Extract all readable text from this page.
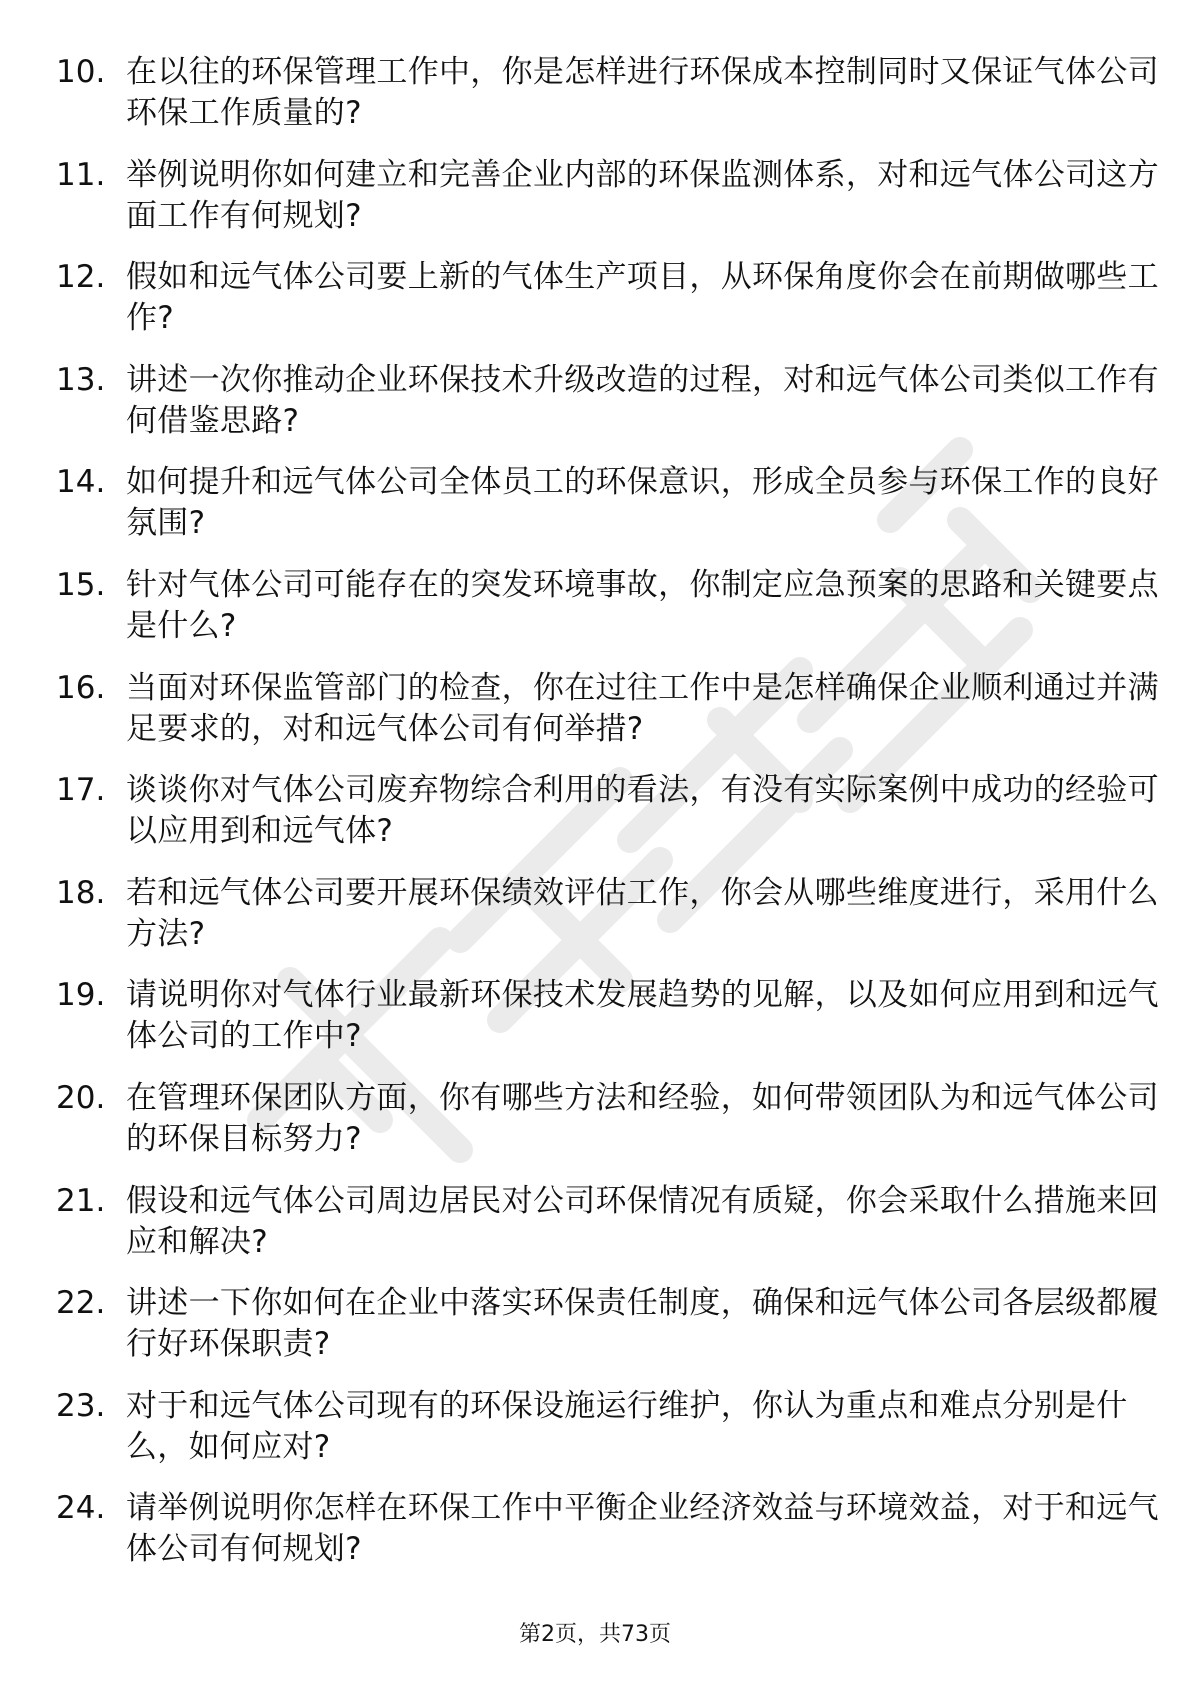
10. 在以往的环保管理工作中，你是怎样进行环保成本控制同时又保证气体公司环保工作质量的?
11. 举例说明你如何建立和完善企业内部的环保监测体系，对和远气体公司这方面工作有何规划?
12. 假如和远气体公司要上新的气体生产项目，从环保角度你会在前期做哪些工作?
13. 讲述一次你推动企业环保技术升级改造的过程，对和远气体公司类似工作有何借鉴思路?
14. 如何提升和远气体公司全体员工的环保意识，形成全员参与环保工作的良好氛围?
15. 针对气体公司可能存在的突发环境事故，你制定应急预案的思路和关键要点是什么?
16. 当面对环保监管部门的检查，你在过往工作中是怎样确保企业顺利通过并满足要求的，对和远气体公司有何举措?
17. 谈谈你对气体公司废弃物综合利用的看法，有没有实际案例中成功的经验可以应用到和远气体?
18. 若和远气体公司要开展环保绩效评估工作，你会从哪些维度进行，采用什么方法?
19. 请说明你对气体行业最新环保技术发展趋势的见解，以及如何应用到和远气体公司的工作中?
20. 在管理环保团队方面，你有哪些方法和经验，如何带领团队为和远气体公司的环保目标努力?
21. 假设和远气体公司周边居民对公司环保情况有质疑，你会采取什么措施来回应和解决?
22. 讲述一下你如何在企业中落实环保责任制度，确保和远气体公司各层级都履行好环保职责?
23. 对于和远气体公司现有的环保设施运行维护，你认为重点和难点分别是什么，如何应对?
24. 请举例说明你怎样在环保工作中平衡企业经济效益与环境效益，对于和远气体公司有何规划?
第2页，共73页
